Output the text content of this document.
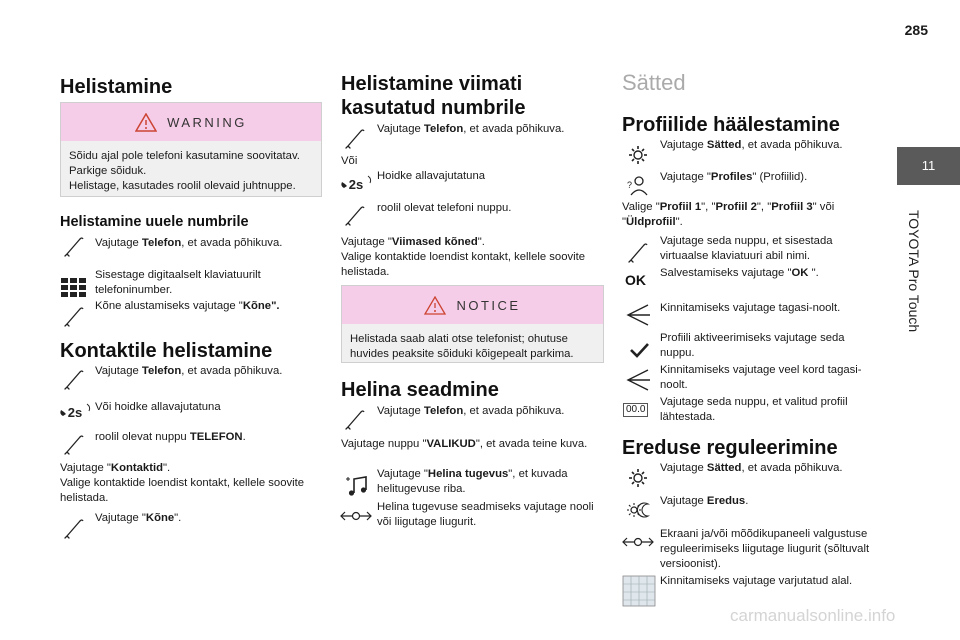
285
11
TOYOTA Pro Touch
Helistamine
WARNING
Sõidu ajal pole telefoni kasutamine soovitatav. Parkige sõiduk.
Helistage, kasutades roolil olevaid juhtnuppe.
Helistamine uuele numbrile
Vajutage Telefon, et avada põhikuva.
Sisestage digitaalselt klaviatuurilt telefoninumber.
Kõne alustamiseks vajutage "Kõne".
Kontaktile helistamine
Vajutage Telefon, et avada põhikuva.
Või hoidke allavajutatuna
roolil olevat nuppu TELEFON.
Vajutage "Kontaktid".
Valige kontaktide loendist kontakt, kellele soovite helistada.
Vajutage "Kõne".
Helistamine viimati kasutatud numbrile
Vajutage Telefon, et avada põhikuva.
Või
Hoidke allavajutatuna
roolil olevat telefoni nuppu.
Vajutage "Viimased kõned".
Valige kontaktide loendist kontakt, kellele soovite helistada.
NOTICE
Helistada saab alati otse telefonist; ohutuse huvides peaksite sõiduki kõigepealt parkima.
Helina seadmine
Vajutage Telefon, et avada põhikuva.
Vajutage nuppu "VALIKUD", et avada teine kuva.
Vajutage "Helina tugevus", et kuvada helitugevuse riba.
Helina tugevuse seadmiseks vajutage nooli või liigutage liugurit.
Sätted
Profiilide häälestamine
Vajutage Sätted, et avada põhikuva.
?
Vajutage "Profiles" (Profiilid).
Valige "Profiil 1", "Profiil 2", "Profiil 3" või "Üldprofiil".
Vajutage seda nuppu, et sisestada virtuaalse klaviatuuri abil nimi.
OK Salvestamiseks vajutage "OK ".
Kinnitamiseks vajutage tagasi-noolt.
Profiili aktiveerimiseks vajutage seda nuppu.
Kinnitamiseks vajutage veel kord tagasi-noolt.
00.0
Vajutage seda nuppu, et valitud profiil lähtestada.
Ereduse reguleerimine
Vajutage Sätted, et avada põhikuva.
Vajutage Eredus.
Ekraani ja/või mõõdikupaneeli valgustuse reguleerimiseks liigutage liugurit (sõltuvalt versioonist).
Kinnitamiseks vajutage varjutatud alal.
carmanualsonline.info
